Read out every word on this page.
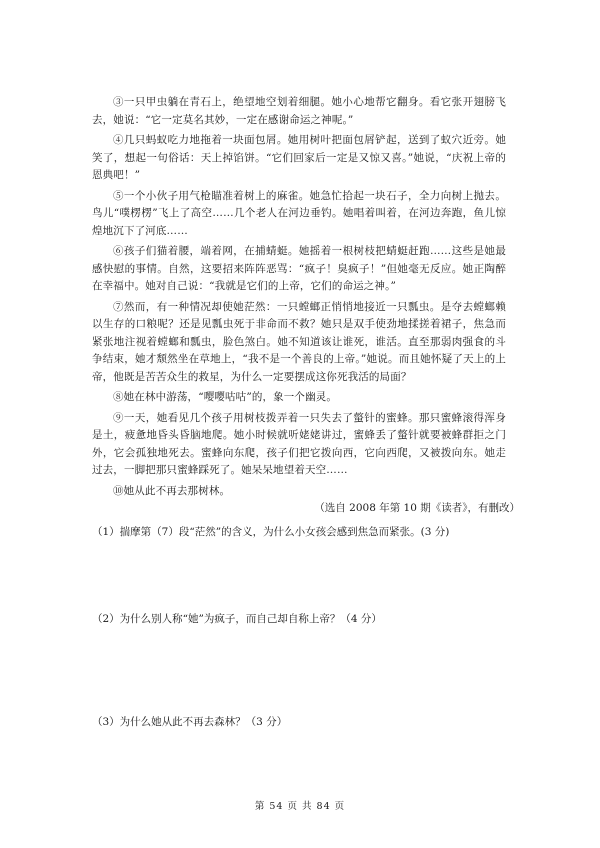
③一只甲虫躺在青石上，绝望地空划着细腿。她小心地帮它翻身。看它张开翅膀飞去，她说：“它一定莫名其妙，一定在感谢命运之神呢。”

④几只蚂蚁吃力地拖着一块面包屑。她用树叶把面包屑铲起，送到了蚁穴近旁。她笑了，想起一句俗话：天上掉馅饼。“它们回家后一定是又惊又喜。”她说，“庆祝上帝的恩典吧！”

⑤一个小伙子用气枪瞄准着树上的麻雀。她急忙拾起一块石子，全力向树上抛去。鸟儿“噗楞楞”飞上了高空……几个老人在河边垂钓。她唱着叫着，在河边奔跑，鱼儿惊煌地沉下了河底……

⑥孩子们猫着腰，端着网，在捕蜻蜓。她摇着一根树枝把蜻蜓赶跑……这些是她最感快慰的事情。自然，这要招来阵阵恶骂：“疯子！臭疯子！”但她毫无反应。她正陶醉在幸福中。她对自己说：“我就是它们的上帝，它们的命运之神。”

⑦然而，有一种情况却使她茫然：一只螳螂正悄悄地接近一只瓢虫。是夺去螳螂赖以生存的口粮呢？还是见瓢虫死于非命而不救？她只是双手使劲地揉搓着裙子，焦急而紧张地注视着螳螂和瓢虫，脸色煞白。她不知道该让谁死，谁活。直至那弱肉强食的斗争结束，她才颓然坐在草地上，“我不是一个善良的上帝。”她说。而且她怀疑了天上的上帝，他既是苦苦众生的救星，为什么一定要摆成这你死我活的局面？

⑧她在林中游荡，“嘤嘤咕咕”的，象一个幽灵。

⑨一天，她看见几个孩子用树枝拨弄着一只失去了螫针的蜜蜂。那只蜜蜂滚得浑身是土，疲惫地昏头昏脑地爬。她小时候就听姥姥讲过，蜜蜂丢了螫针就要被蜂群拒之门外，它会孤独地死去。蜜蜂向东爬，孩子们把它拨向西，它向西爬，又被拨向东。她走过去，一脚把那只蜜蜂踩死了。她呆呆地望着天空……

⑩她从此不再去那树林。

（选自 2008 年第 10 期《读者》，有删改）

（1）揣摩第（7）段“茫然”的含义，为什么小女孩会感到焦急而紧张。(3 分)

（2）为什么别人称“她”为疯子，而自己却自称上帝？（4 分）

（3）为什么她从此不再去森林？（3 分）

第 54 页 共 84 页
